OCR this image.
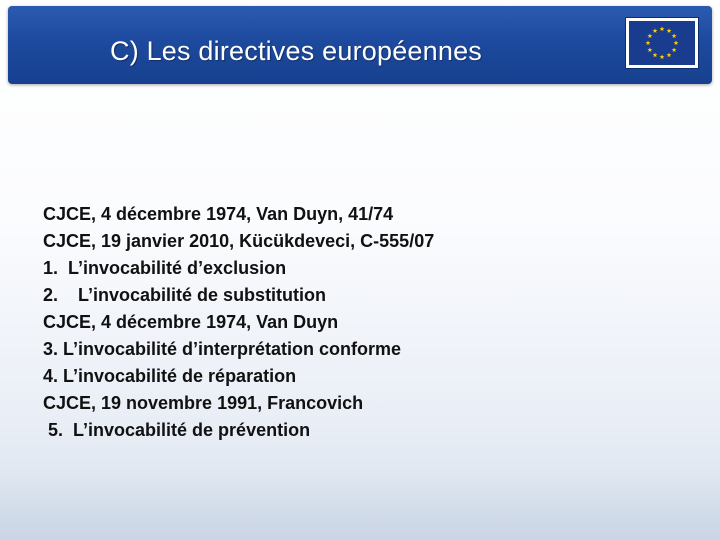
C) Les directives européennes
CJCE, 4 décembre 1974, Van Duyn, 41/74
CJCE, 19 janvier 2010, Kücükdeveci, C-555/07
1.  L’invocabilité d’exclusion
2.    L’invocabilité de substitution
CJCE, 4 décembre 1974, Van Duyn
3. L’invocabilité d’interprétation conforme
4. L’invocabilité de réparation
CJCE, 19 novembre 1991, Francovich
5.  L’invocabilité de prévention
